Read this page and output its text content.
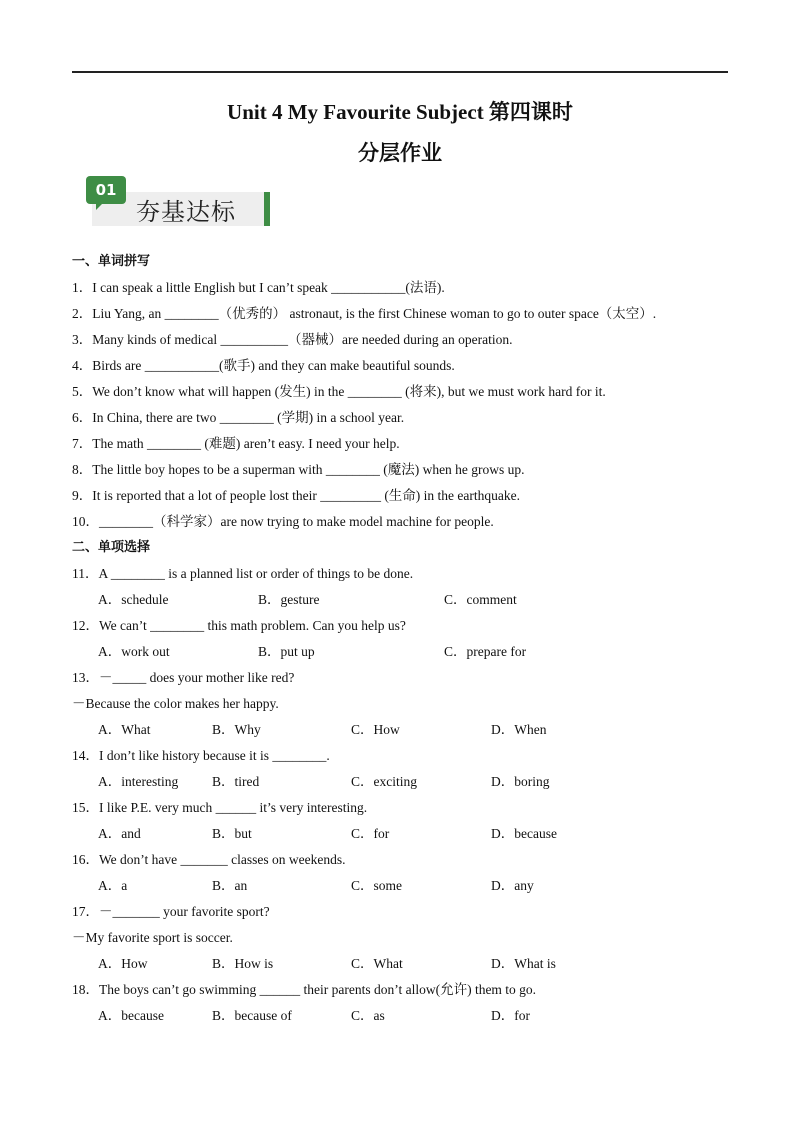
Unit 4 My Favourite Subject 第四课时
分层作业
01
夯基达标
一、单词拼写
1．I can speak a little English but I can’t speak ___________(法语).
2．Liu Yang, an ________（优秀的） astronaut, is the first Chinese woman to go to outer space（太空）.
3．Many kinds of medical __________（器械）are needed during an operation.
4．Birds are ___________(歌手) and they can make beautiful sounds.
5．We don’t know what will happen (发生) in the ________ (将来), but we must work hard for it.
6．In China, there are two ________ (学期) in a school year.
7．The math ________ (难题) aren’t easy. I need your help.
8．The little boy hopes to be a superman with ________ (魔法) when he grows up.
9．It is reported that a lot of people lost their _________ (生命) in the earthquake.
10．________（科学家）are now trying to make model machine for people.
二、单项选择
11．A ________ is a planned list or order of things to be done.
A．schedule	B．gesture	C．comment
12．We can’t ________ this math problem. Can you help us?
A．work out	B．put up	C．prepare for
13．－_____ does your mother like red?
－Because the color makes her happy.
A．What	B．Why	C．How	D．When
14．I don’t like history because it is ________.
A．interesting	B．tired	C．exciting	D．boring
15．I like P.E. very much ______ it’s very interesting.
A．and	B．but	C．for	D．because
16．We don’t have _______ classes on weekends.
A．a	B．an	C．some	D．any
17．－_______ your favorite sport?
－My favorite sport is soccer.
A．How	B．How is	C．What	D．What is
18．The boys can’t go swimming ______ their parents don’t allow(允许) them to go.
A．because	B．because of	C．as	D．for
